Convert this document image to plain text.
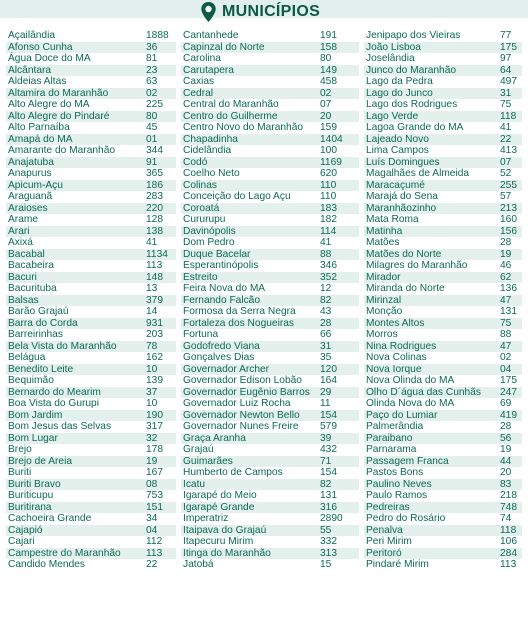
MUNICÍPIOS
Açailândia	1888
Afonso Cunha	36
Água Doce do MA	81
Alcântara	23
Aldeias Altas	63
Altamira do Maranhão	02
Alto Alegre do MA	225
Alto Alegre do Pindaré	80
Alto Parnaíba	45
Amapá do MA	01
Amarante do Maranhão	344
Anajatuba	91
Anapurus	365
Apicum-Açu	186
Araguanã	283
Araioses	220
Arame	128
Arari	138
Axixá	41
Bacabal	1134
Bacabeira	113
Bacuri	148
Bacurituba	13
Balsas	379
Barão Grajaú	14
Barra do Corda	931
Barreirinhas	203
Bela Vista do Maranhão	78
Belágua	162
Benedito Leite	10
Bequimão	139
Bernardo do Mearim	37
Boa Vista do Gurupi	10
Bom Jardim	190
Bom Jesus das Selvas	317
Bom Lugar	32
Brejo	178
Brejo de Areia	19
Buriti	167
Buriti Bravo	08
Buriticupu	753
Buritirana	151
Cachoeira Grande	34
Cajapió	04
Cajari	112
Campestre do Maranhão 113
Candido Mendes	22
Cantanhede	191
Capinzal do Norte	158
Carolina	80
Carutapera	149
Caxias	458
Cedral	02
Central do Maranhão	07
Centro do Guilherme	20
Centro Novo do Maranhão 159
Chapadinha	1404
Cidelândia	100
Codó	1169
Coelho Neto	620
Colinas	110
Conceição do Lago Açu	110
Coroatá	183
Cururupu	182
Davinópolis	114
Dom Pedro	41
Duque Bacelar	88
Esperantinópolis	346
Estreito	352
Feira Nova do MA	12
Fernando Falcão	82
Formosa da Serra Negra 43
Fortaleza dos Nogueiras	28
Fortuna	66
Godofredo Viana	31
Gonçalves Dias	35
Governador Archer	120
Governador Edison Lobão 164
Governador Eugênio Barros 29
Governador Luiz Rocha	11
Governador Newton Bello 154
Governador Nunes Freire 579
Graça Aranha	39
Grajaú	432
Guimarães	71
Humberto de Campos	154
Icatu	82
Igarapé do Meio	131
Igarapé Grande	316
Imperatriz	2890
Itaipava do Grajaú	55
Itapecuru Mirim	332
Itinga do Maranhão	313
Jatobá	15
Jenipapo dos Vieiras	77
João Lisboa	175
Joselândia	97
Junco do Maranhão	64
Lago da Pedra	497
Lago do Junco	31
Lago dos Rodrigues	75
Lago Verde	118
Lagoa Grande do MA	41
Lajeado Novo	22
Lima Campos	413
Luís Domingues	07
Magalhães de Almeida	52
Maracaçumé	255
Marajá do Sena	57
Maranhãozinho	213
Mata Roma	160
Matinha	156
Matões	28
Matões do Norte	19
Milagres do Maranhão	46
Mirador	62
Miranda do Norte	136
Mirinzal	47
Monção	131
Montes Altos	75
Morros	88
Nina Rodrigues	47
Nova Colinas	02
Nova Iorque	04
Nova Olinda do MA	175
Olho D´água das Cunhãs 247
Olinda Nova do MA	69
Paço do Lumiar	419
Palmerândia	28
Paraibano	56
Parnarama	19
Passagem Franca	44
Pastos Bons	20
Paulino Neves	83
Paulo Ramos	218
Pedreiras	748
Pedro do Rosário	74
Penalva	118
Peri Mirim	106
Peritoró	284
Pindaré Mirim	113
